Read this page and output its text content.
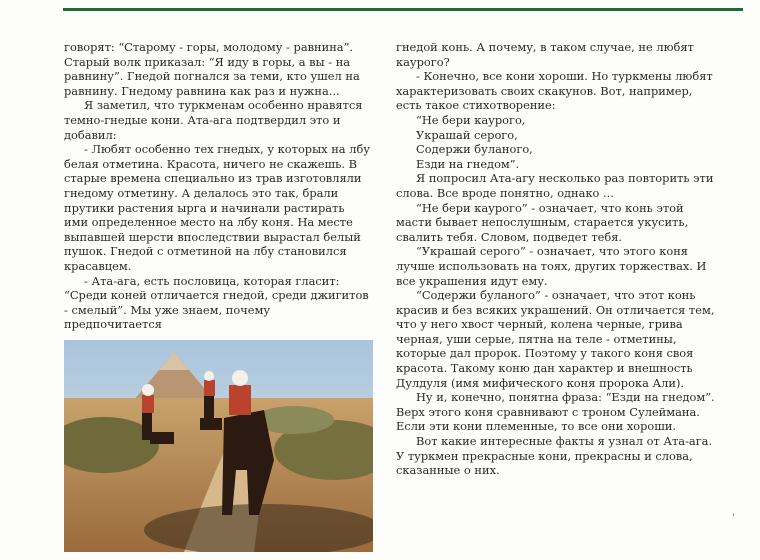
говорят: “Старому - горы, молодому - равнина”. Старый волк приказал: “Я иду в горы, а вы - на равнину”. Гнедой погнался за теми, кто ушел на равнину. Гнедому равнина как раз и нужна...

Я заметил, что туркменам особенно нравятся темно-гнедые кони. Ата-ага подтвердил это и добавил:

- Любят особенно тех гнедых, у которых на лбу белая отметина. Красота, ничего не скажешь. В старые времена специально из трав изготовляли гнедому отметину. А делалось это так, брали прутики растения ырга и начинали растирать ими определенное место на лбу коня. На месте выпавшей шерсти впоследствии вырастал белый пушок. Гнедой с отметиной на лбу становился красавцем.

- Ата-ага, есть пословица, которая гласит: “Среди коней отличается гнедой, среди джигитов - смелый”. Мы уже знаем, почему предпочитается

гнедой конь. А почему, в таком случае, не любят каурого?

- Конечно, все кони хороши. Но туркмены любят характеризовать своих скакунов. Вот, например, есть такое стихотворение:

“Не бери каурого,

Украшай серого,

Содержи буланого,

Езди на гнедом”.

Я попросил Ата-агу несколько раз повторить эти слова. Все вроде понятно, однако ...

“Не бери каурого” - означает, что конь этой масти бывает непослушным, старается укусить, свалить тебя. Словом, подведет тебя.

“Украшай серого” - означает, что этого коня лучше использовать на тоях, других торжествах. И все украшения идут ему.

“Содержи буланого” - означает, что этот конь красив и без всяких украшений. Он отличается тем, что у него хвост черный, колена черные, грива черная, уши серые, пятна на теле - отметины, которые дал пророк. Поэтому у такого коня своя красота. Такому коню дан характер и внешность Дулдуля (имя мифического коня пророка Али).

Ну и, конечно, понятна фраза: “Езди на гнедом”. Верх этого коня сравнивают с троном Сулеймана. Если эти кони племенные, то все они хороши.

Вот какие интересные факты я узнал от Ата-ага. У туркмен прекрасные кони, прекрасны и слова, сказанные о них.

ˈ
